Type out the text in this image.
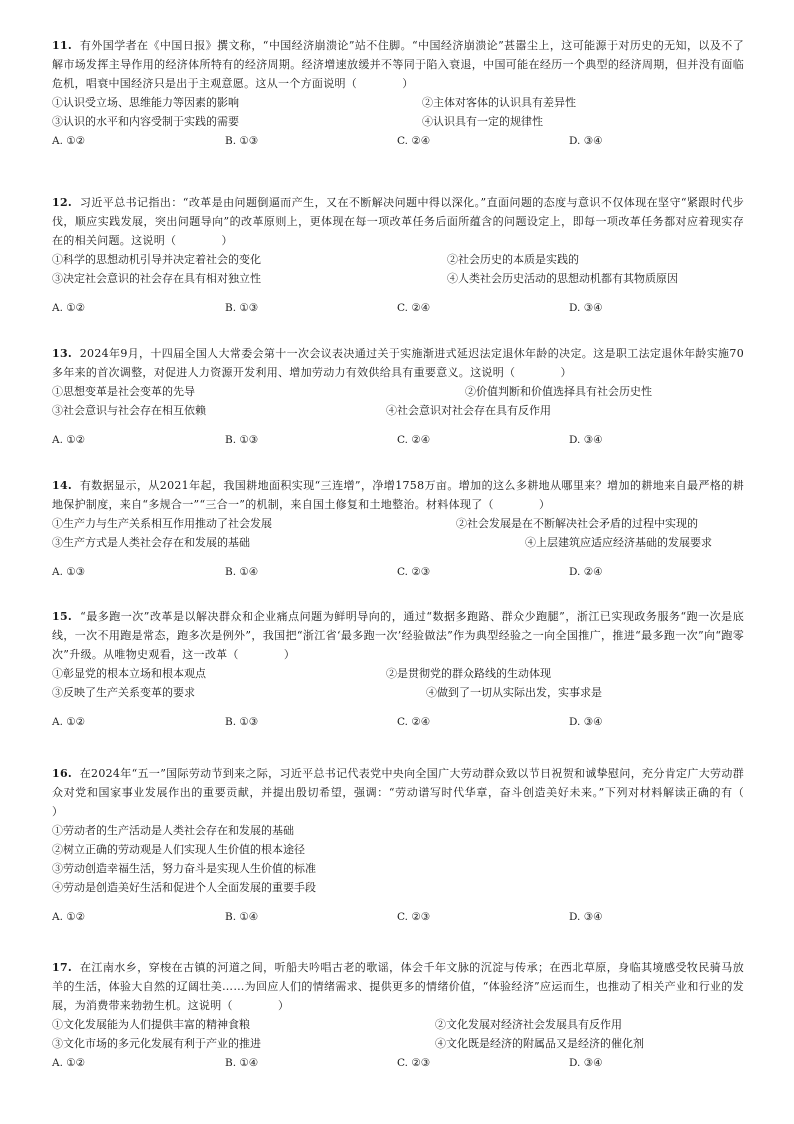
11. 有外国学者在《中国日报》撰文称，“中国经济崩溃论”站不住脚。“中国经济崩溃论”甚嚣尘上，这可能源于对历史的无知，以及不了解市场发挥主导作用的经济体所特有的经济周期。经济增速放缓并不等同于陷入衰退，中国可能在经历一个典型的经济周期，但并没有面临危机，唱衰中国经济只是出于主观意愿。这从一个方面说明（　　　　）

①认识受立场、思维能力等因素的影响	②主体对客体的认识具有差异性
③认识的水平和内容受制于实践的需要	④认识具有一定的规律性
A. ①②	B. ①③	C. ②④	D. ③④

12. 习近平总书记指出：“改革是由问题倒逼而产生，又在不断解决问题中得以深化。”直面问题的态度与意识不仅体现在坚守“紧跟时代步伐，顺应实践发展，突出问题导向”的改革原则上，更体现在每一项改革任务后面所蕴含的问题设定上，即每一项改革任务都对应着现实存在的相关问题。这说明（　　　　）

①科学的思想动机引导并决定着社会的变化	②社会历史的本质是实践的
③决定社会意识的社会存在具有相对独立性	④人类社会历史活动的思想动机都有其物质原因
A. ①②	B. ①③	C. ②④	D. ③④

13. 2024年9月，十四届全国人大常委会第十一次会议表决通过关于实施渐进式延迟法定退休年龄的决定。这是职工法定退休年龄实施70多年来的首次调整，对促进人力资源开发利用、增加劳动力有效供给具有重要意义。这说明（　　　　）

①思想变革是社会变革的先导	②价值判断和价值选择具有社会历史性
③社会意识与社会存在相互依赖	④社会意识对社会存在具有反作用
A. ①②	B. ①③	C. ②④	D. ③④

14. 有数据显示，从2021年起，我国耕地面积实现“三连增”，净增1758万亩。增加的这么多耕地从哪里来？增加的耕地来自最严格的耕地保护制度，来自“多规合一”“三合一”的机制，来自国土修复和土地整治。材料体现了（　　　　）

①生产力与生产关系相互作用推动了社会发展	②社会发展是在不断解决社会矛盾的过程中实现的
③生产方式是人类社会存在和发展的基础	④上层建筑应适应经济基础的发展要求
A. ①③	B. ①④	C. ②③	D. ②④

15. “最多跑一次”改革是以解决群众和企业痛点问题为鲜明导向的，通过“数据多跑路、群众少跑腿”，浙江已实现政务服务“跑一次是底线，一次不用跑是常态，跑多次是例外”，我国把“浙江省‘最多跑一次’经验做法”作为典型经验之一向全国推广，推进“最多跑一次”向“跑零次”升级。从唯物史观看，这一改革（　　　　）

①彰显党的根本立场和根本观点	②是贯彻党的群众路线的生动体现
③反映了生产关系变革的要求	④做到了一切从实际出发，实事求是
A. ①②	B. ①③	C. ②④	D. ③④

16. 在2024年“五一”国际劳动节到来之际，习近平总书记代表党中央向全国广大劳动群众致以节日祝贺和诚挚慰问，充分肯定广大劳动群众对党和国家事业发展作出的重要贡献，并提出殷切希望，强调：“劳动谱写时代华章，奋斗创造美好未来。”下列对材料解读正确的有（　　　　）

①劳动者的生产活动是人类社会存在和发展的基础
②树立正确的劳动观是人们实现人生价值的根本途径
③劳动创造幸福生活，努力奋斗是实现人生价值的标准
④劳动是创造美好生活和促进个人全面发展的重要手段
A. ①②	B. ①④	C. ②③	D. ③④

17. 在江南水乡，穿梭在古镇的河道之间，听船夫吟唱古老的歌谣，体会千年文脉的沉淀与传承；在西北草原，身临其境感受牧民骑马放羊的生活，体验大自然的辽阔壮美……为回应人们的情绪需求、提供更多的情绪价值，“体验经济”应运而生，也推动了相关产业和行业的发展，为消费带来勃勃生机。这说明（　　　　）

①文化发展能为人们提供丰富的精神食粮	②文化发展对经济社会发展具有反作用
③文化市场的多元化发展有利于产业的推进	④文化既是经济的附属品又是经济的催化剂
A. ①②	B. ①④	C. ②③	D. ③④
